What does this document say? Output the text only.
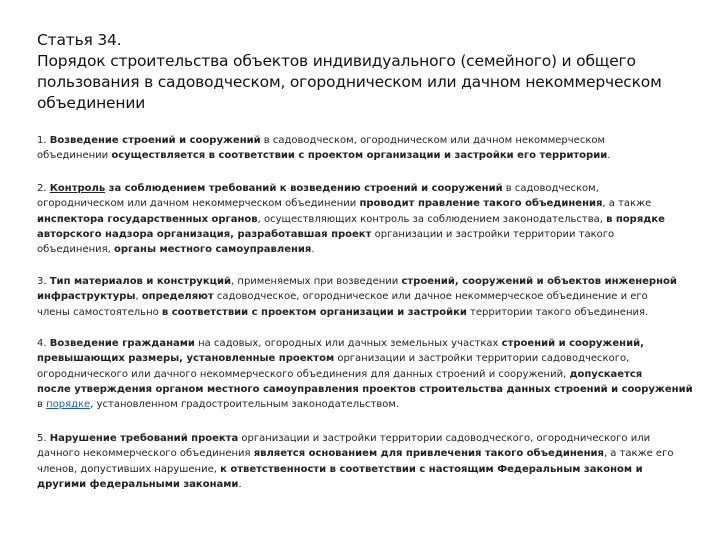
Статья 34.
Порядок строительства объектов индивидуального (семейного) и общего
пользования в садоводческом, огородническом или дачном некоммерческом
объединении
1. Возведение строений и сооружений в садоводческом, огородническом или дачном некоммерческом
объединении осуществляется в соответствии с проектом организации и застройки его территории.
2. Контроль за соблюдением требований к возведению строений и сооружений в садоводческом,
огородническом или дачном некоммерческом объединении проводит правление такого объединения, а также
инспектора государственных органов, осуществляющих контроль за соблюдением законодательства, в порядке
авторского надзора организация, разработавшая проект организации и застройки территории такого
объединения, органы местного самоуправления.
3. Тип материалов и конструкций, применяемых при возведении строений, сооружений и объектов инженерной
инфраструктуры, определяют садоводческое, огородническое или дачное некоммерческое объединение и его
члены самостоятельно в соответствии с проектом организации и застройки территории такого объединения.
4. Возведение гражданами на садовых, огородных или дачных земельных участках строений и сооружений,
превышающих размеры, установленные проектом организации и застройки территории садоводческого,
огороднического или дачного некоммерческого объединения для данных строений и сооружений, допускается
после утверждения органом местного самоуправления проектов строительства данных строений и сооружений
в порядке, установленном градостроительным законодательством.
5. Нарушение требований проекта организации и застройки территории садоводческого, огороднического или
дачного некоммерческого объединения является основанием для привлечения такого объединения, а также его
членов, допустивших нарушение, к ответственности в соответствии с настоящим Федеральным законом и
другими федеральными законами.
